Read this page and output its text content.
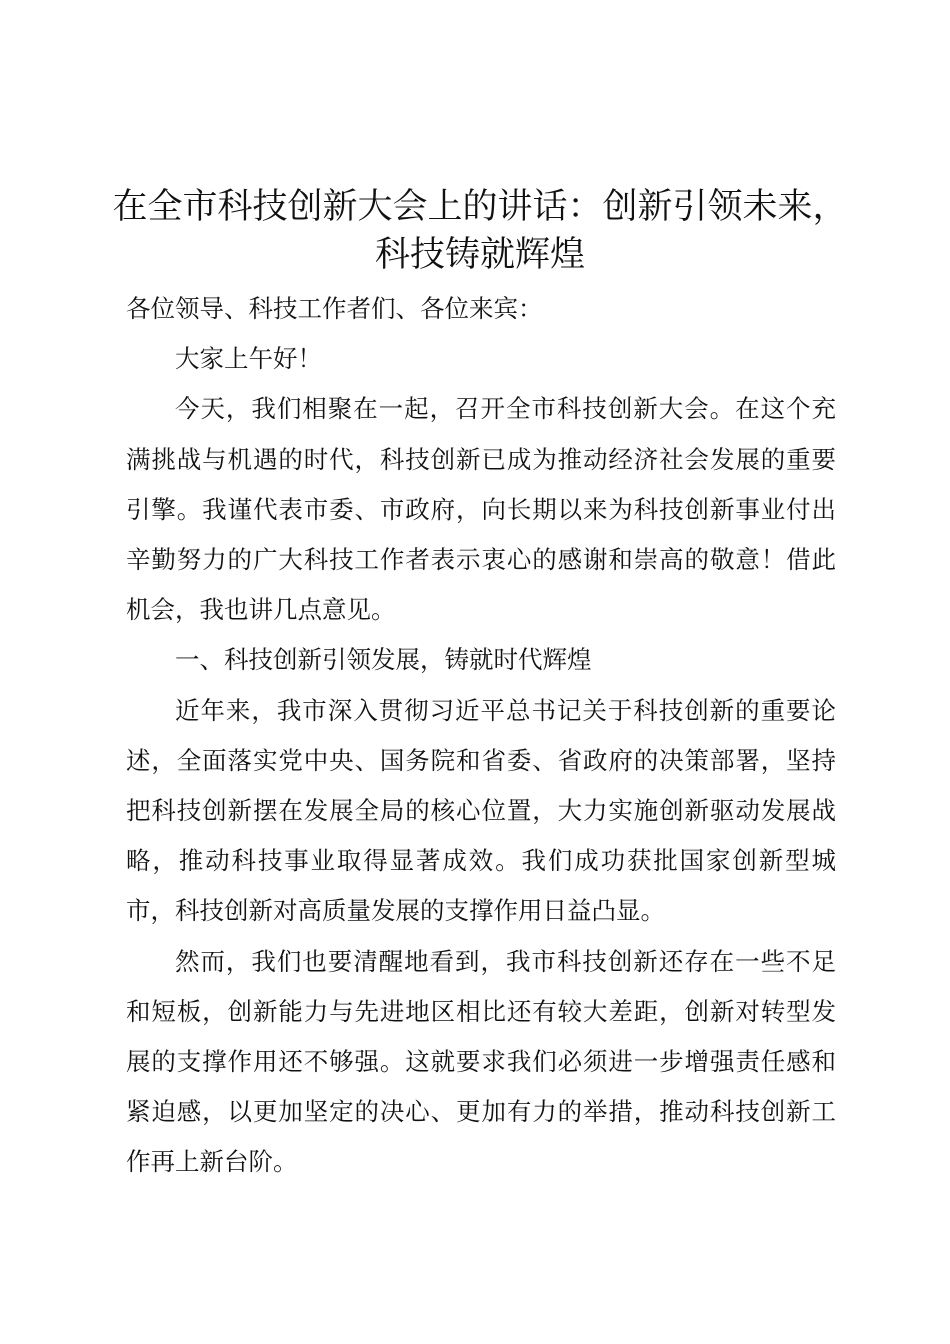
在全市科技创新大会上的讲话：创新引领未来，
科技铸就辉煌

各位领导、科技工作者们、各位来宾：

大家上午好！

今天，我们相聚在一起，召开全市科技创新大会。在这个充满挑战与机遇的时代，科技创新已成为推动经济社会发展的重要引擎。我谨代表市委、市政府，向长期以来为科技创新事业付出辛勤努力的广大科技工作者表示衷心的感谢和崇高的敬意！借此机会，我也讲几点意见。

一、科技创新引领发展，铸就时代辉煌

近年来，我市深入贯彻习近平总书记关于科技创新的重要论述，全面落实党中央、国务院和省委、省政府的决策部署，坚持把科技创新摆在发展全局的核心位置，大力实施创新驱动发展战略，推动科技事业取得显著成效。我们成功获批国家创新型城市，科技创新对高质量发展的支撑作用日益凸显。

然而，我们也要清醒地看到，我市科技创新还存在一些不足和短板，创新能力与先进地区相比还有较大差距，创新对转型发展的支撑作用还不够强。这就要求我们必须进一步增强责任感和紧迫感，以更加坚定的决心、更加有力的举措，推动科技创新工作再上新台阶。
